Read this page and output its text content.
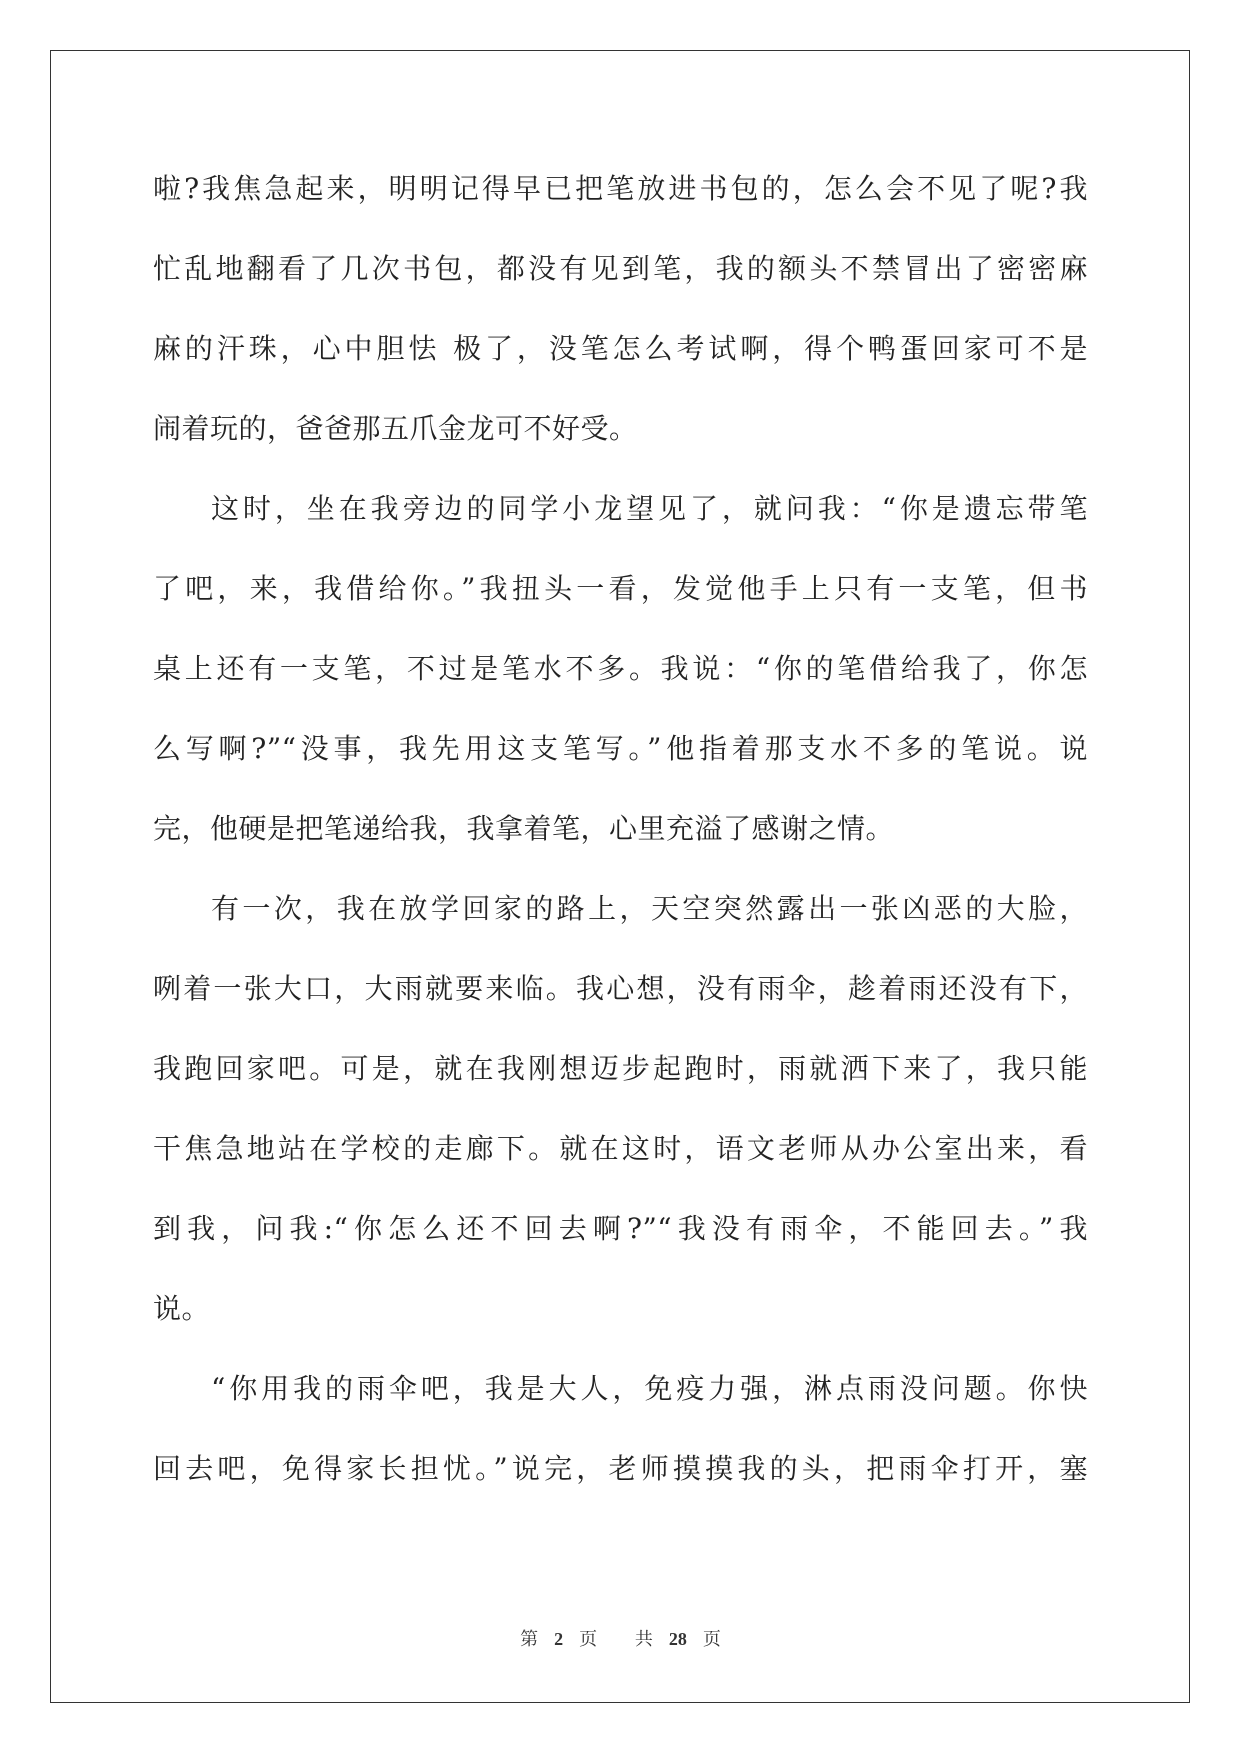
啦?我焦急起来，明明记得早已把笔放进书包的，怎么会不见了呢?我
忙乱地翻看了几次书包，都没有见到笔，我的额头不禁冒出了密密麻
麻的汗珠，心中胆怯 极了，没笔怎么考试啊，得个鸭蛋回家可不是
闹着玩的，爸爸那五爪金龙可不好受。
这时，坐在我旁边的同学小龙望见了，就问我：“你是遗忘带笔
了吧，来，我借给你。”我扭头一看，发觉他手上只有一支笔，但书
桌上还有一支笔，不过是笔水不多。我说：“你的笔借给我了，你怎
么写啊?”“没事，我先用这支笔写。”他指着那支水不多的笔说。说
完，他硬是把笔递给我，我拿着笔，心里充溢了感谢之情。
有一次，我在放学回家的路上，天空突然露出一张凶恶的大脸，
咧着一张大口，大雨就要来临。我心想，没有雨伞，趁着雨还没有下，
我跑回家吧。可是，就在我刚想迈步起跑时，雨就洒下来了，我只能
干焦急地站在学校的走廊下。就在这时，语文老师从办公室出来，看
到我，问我:“你怎么还不回去啊?”“我没有雨伞，不能回去。”我
说。
“你用我的雨伞吧，我是大人，免疫力强，淋点雨没问题。你快
回去吧，免得家长担忧。”说完，老师摸摸我的头，把雨伞打开，塞
第 2 页 共 28 页
